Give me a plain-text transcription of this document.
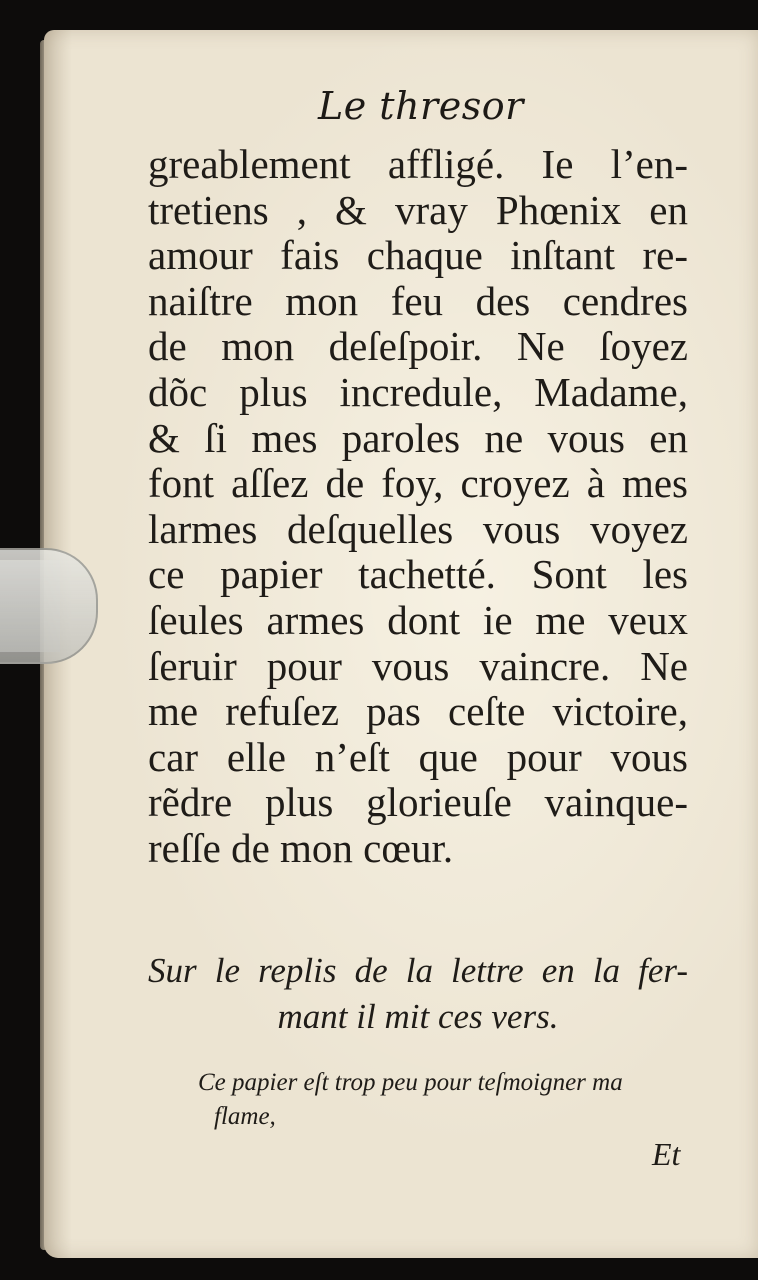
Le thresor
greablement affligé. Ie l’en-
tretiens , & vray Phœnix en
amour fais chaque inſtant re-
naiſtre mon feu des cendres
de mon deſeſpoir. Ne ſoyez
dõc plus incredule, Madame,
& ſi mes paroles ne vous en
font aſſez de foy, croyez à mes
larmes deſquelles vous voyez
ce papier tachetté. Sont les
ſeules armes dont ie me veux
ſeruir pour vous vaincre. Ne
me refuſez pas ceſte victoire,
car elle n’eſt que pour vous
rẽdre plus glorieuſe vainque-
reſſe de mon cœur.
Sur le replis de la lettre en la fer-
mant il mit ces vers.
Ce papier eſt trop peu pour teſmoigner ma
flame,
Et
